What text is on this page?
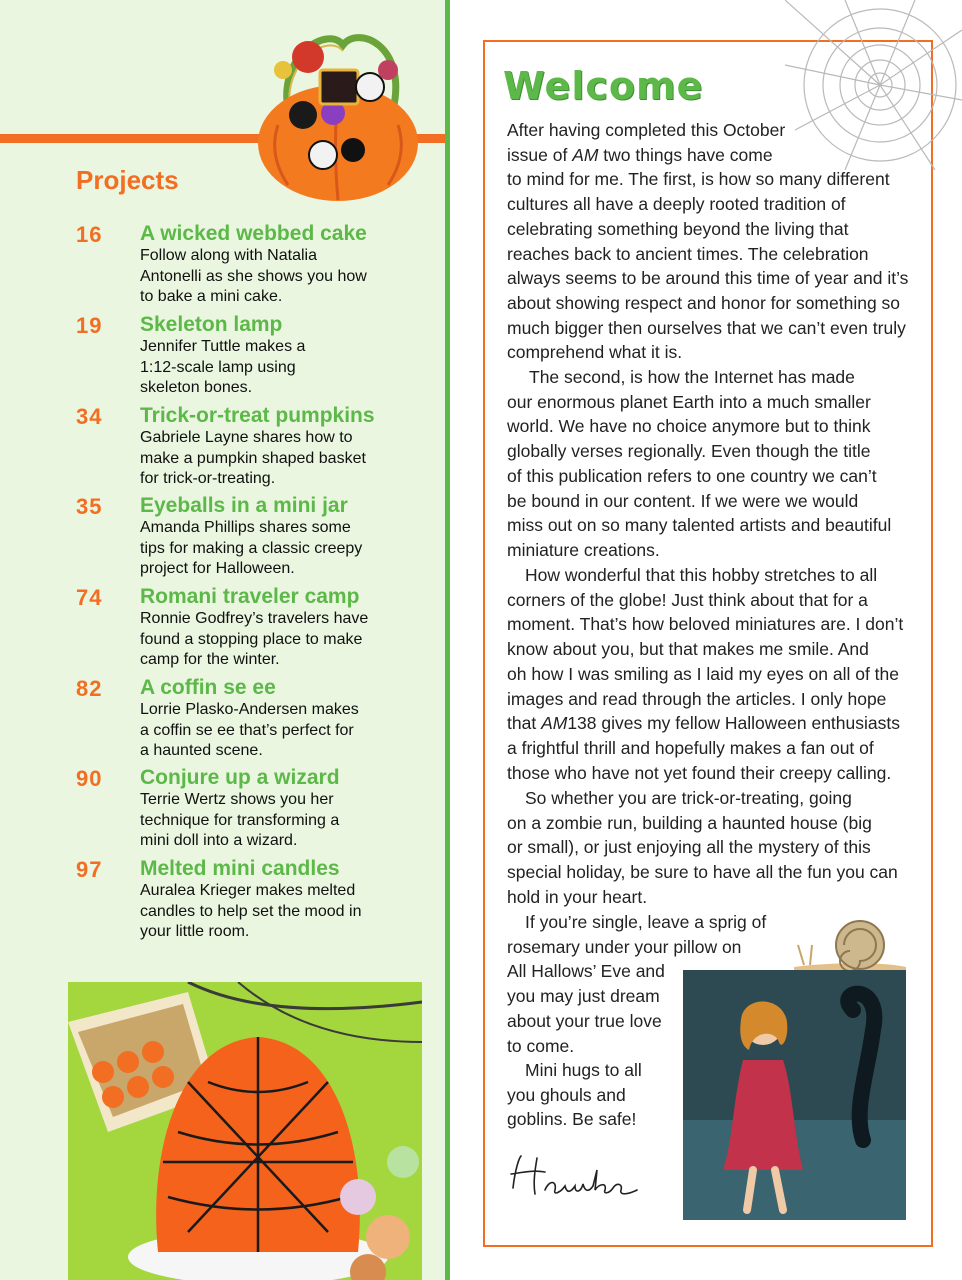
Projects
16 A wicked webbed cake
Follow along with Natalia Antonelli as she shows you how to bake a mini cake.
19 Skeleton lamp
Jennifer Tuttle makes a 1:12-scale lamp using skeleton bones.
34 Trick-or-treat pumpkins
Gabriele Layne shares how to make a pumpkin shaped basket for trick-or-treating.
35 Eyeballs in a mini jar
Amanda Phillips shares some tips for making a classic creepy project for Halloween.
74 Romani traveler camp
Ronnie Godfrey’s travelers have found a stopping place to make camp for the winter.
82 A coffin se ee
Lorrie Plasko-Andersen makes a coffin se ee that’s perfect for a haunted scene.
90 Conjure up a wizard
Terrie Wertz shows you her technique for transforming a mini doll into a wizard.
97 Melted mini candles
Auralea Krieger makes melted candles to help set the mood in your little room.
Welcome
After having completed this October
issue of AM two things have come
to mind for me. The first, is how so many different
cultures all have a deeply rooted tradition of
celebrating something beyond the living that
reaches back to ancient times. The celebration
always seems to be around this time of year and it’s
about showing respect and honor for something so
much bigger then ourselves that we can’t even truly
comprehend what it is.
The second, is how the Internet has made
our enormous planet Earth into a much smaller
world. We have no choice anymore but to think
globally verses regionally. Even though the title
of this publication refers to one country we can’t
be bound in our content. If we were we would
miss out on so many talented artists and beautiful
miniature creations.
How wonderful that this hobby stretches to all
corners of the globe! Just think about that for a
moment. That’s how beloved miniatures are. I don’t
know about you, but that makes me smile. And
oh how I was smiling as I laid my eyes on all of the
images and read through the articles. I only hope
that AM138 gives my fellow Halloween enthusiasts
a frightful thrill and hopefully makes a fan out of
those who have not yet found their creepy calling.
So whether you are trick-or-treating, going
on a zombie run, building a haunted house (big
or small), or just enjoying all the mystery of this
special holiday, be sure to have all the fun you can
hold in your heart.
If you’re single, leave a sprig of
rosemary under your pillow on
All Hallows’ Eve and
you may just dream
about your true love
to come.
Mini hugs to all
you ghouls and
goblins. Be safe!
